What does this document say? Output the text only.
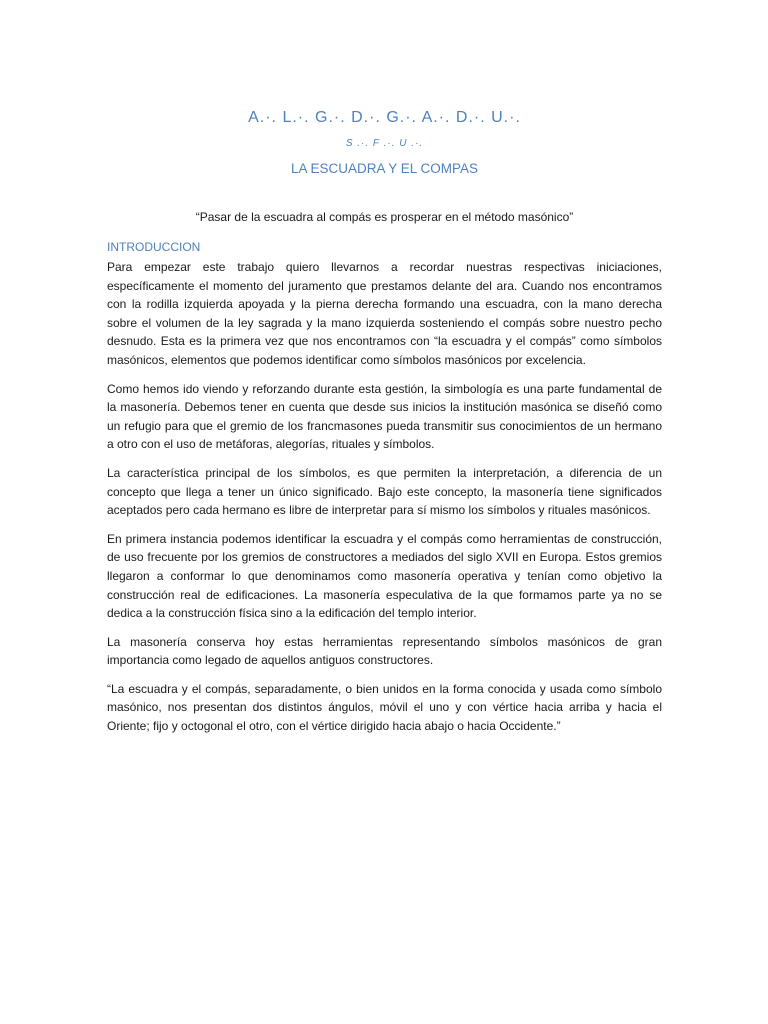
A.·. L.·. G.·. D.·. G.·. A.·. D.·. U.·.
S .·. F .·. U .·.
LA ESCUADRA Y EL COMPAS
“Pasar de la escuadra al compás es prosperar en el método masónico”
INTRODUCCION

Para empezar este trabajo quiero llevarnos a recordar nuestras respectivas iniciaciones, específicamente el momento del juramento que prestamos delante del ara. Cuando nos encontramos con la rodilla izquierda apoyada y la pierna derecha formando una escuadra, con la mano derecha sobre el volumen de la ley sagrada y la mano izquierda sosteniendo el compás sobre nuestro pecho desnudo. Esta es la primera vez que nos encontramos con “la escuadra y el compás” como símbolos masónicos, elementos que podemos identificar como símbolos masónicos por excelencia.

Como hemos ido viendo y reforzando durante esta gestión, la simbología es una parte fundamental de la masonería. Debemos tener en cuenta que desde sus inicios la institución masónica se diseñó como un refugio para que el gremio de los francmasones pueda transmitir sus conocimientos de un hermano a otro con el uso de metáforas, alegorías, rituales y símbolos.

La característica principal de los símbolos, es que permiten la interpretación, a diferencia de un concepto que llega a tener un único significado. Bajo este concepto, la masonería tiene significados aceptados pero cada hermano es libre de interpretar para sí mismo los símbolos y rituales masónicos.

En primera instancia podemos identificar la escuadra y el compás como herramientas de construcción, de uso frecuente por los gremios de constructores a mediados del siglo XVII en Europa. Estos gremios llegaron a conformar lo que denominamos como masonería operativa y tenían como objetivo la construcción real de edificaciones. La masonería especulativa de la que formamos parte ya no se dedica a la construcción física sino a la edificación del templo interior.

La masonería conserva hoy estas herramientas representando símbolos masónicos de gran importancia como legado de aquellos antiguos constructores.

“La escuadra y el compás, separadamente, o bien unidos en la forma conocida y usada como símbolo masónico, nos presentan dos distintos ángulos, móvil el uno y con vértice hacia arriba y hacia el Oriente; fijo y octogonal el otro, con el vértice dirigido hacia abajo o hacia Occidente.”
